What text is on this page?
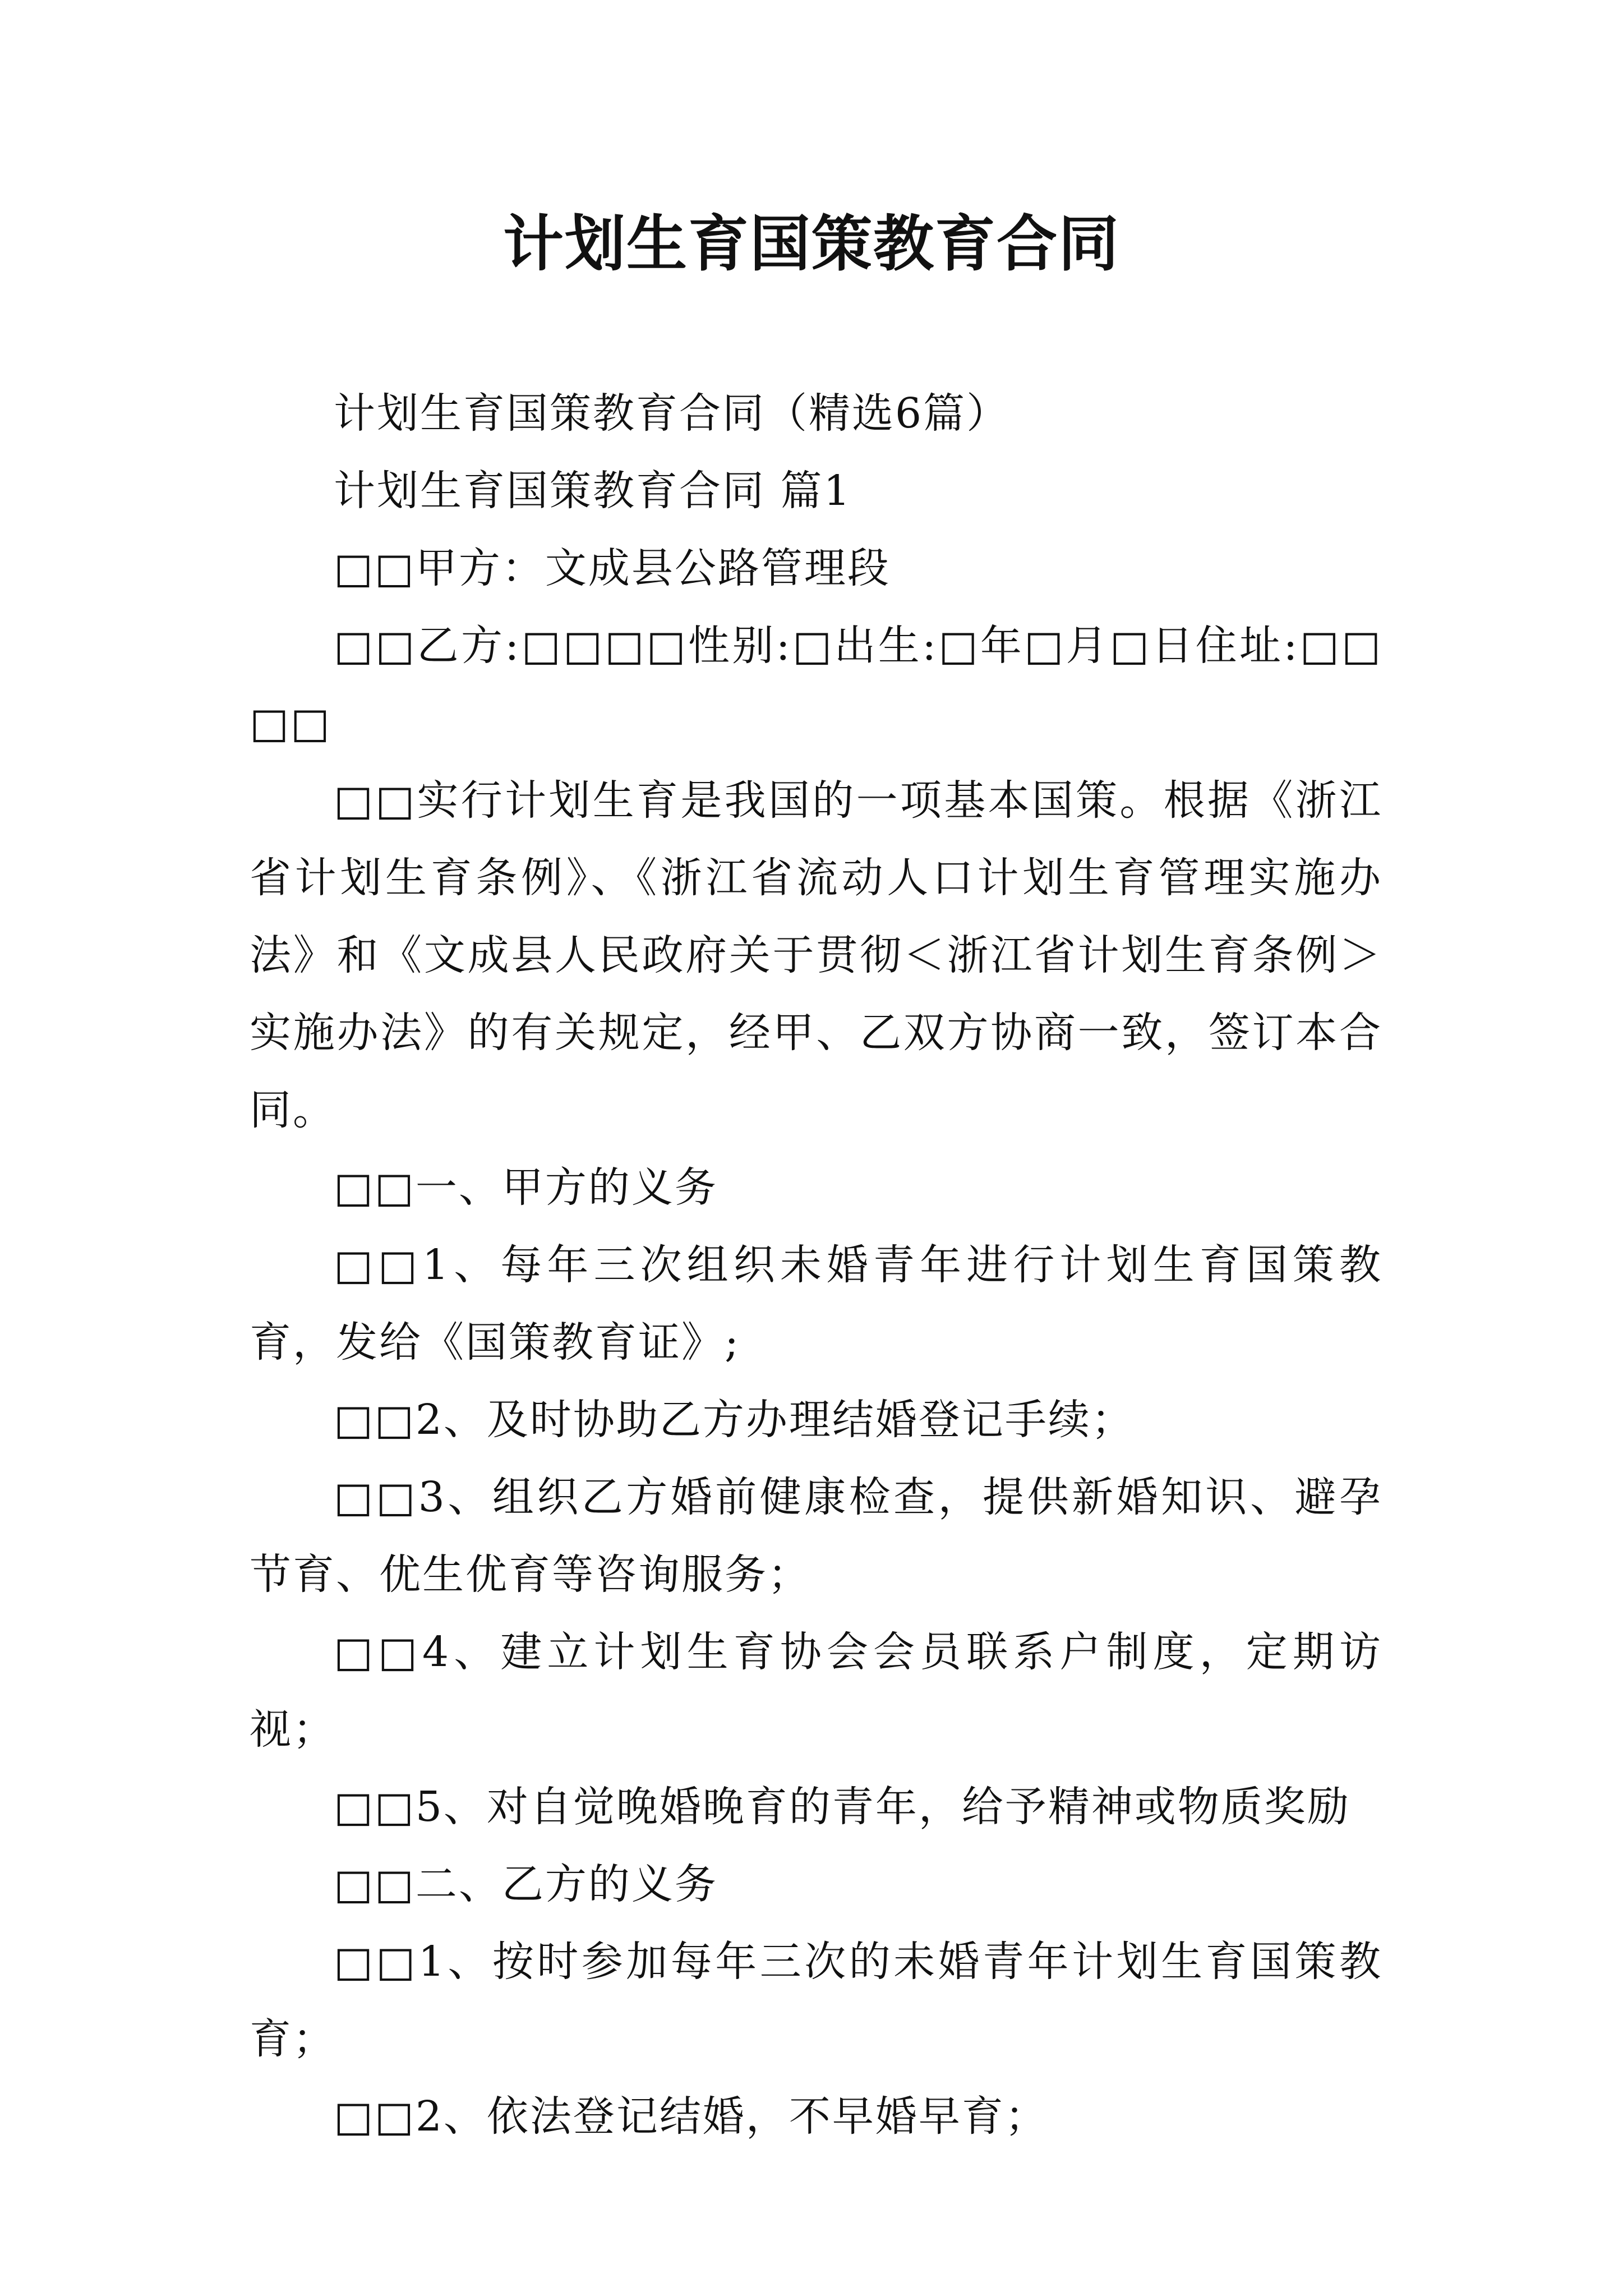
计划生育国策教育合同

计划生育国策教育合同（精选6篇）

计划生育国策教育合同 篇1

□□甲方：文成县公路管理段

□□乙方:□□□□性别:□出生:□年□月□日住址:□□□□

□□实行计划生育是我国的一项基本国策。根据《浙江省计划生育条例》、《浙江省流动人口计划生育管理实施办法》和《文成县人民政府关于贯彻＜浙江省计划生育条例＞实施办法》的有关规定，经甲、乙双方协商一致，签订本合同。

□□一、甲方的义务

□□1、每年三次组织未婚青年进行计划生育国策教育，发给《国策教育证》;

□□2、及时协助乙方办理结婚登记手续；

□□3、组织乙方婚前健康检查，提供新婚知识、避孕节育、优生优育等咨询服务；

□□4、建立计划生育协会会员联系户制度，定期访视；

□□5、对自觉晚婚晚育的青年，给予精神或物质奖励

□□二、乙方的义务

□□1、按时参加每年三次的未婚青年计划生育国策教育；

□□2、依法登记结婚，不早婚早育；
